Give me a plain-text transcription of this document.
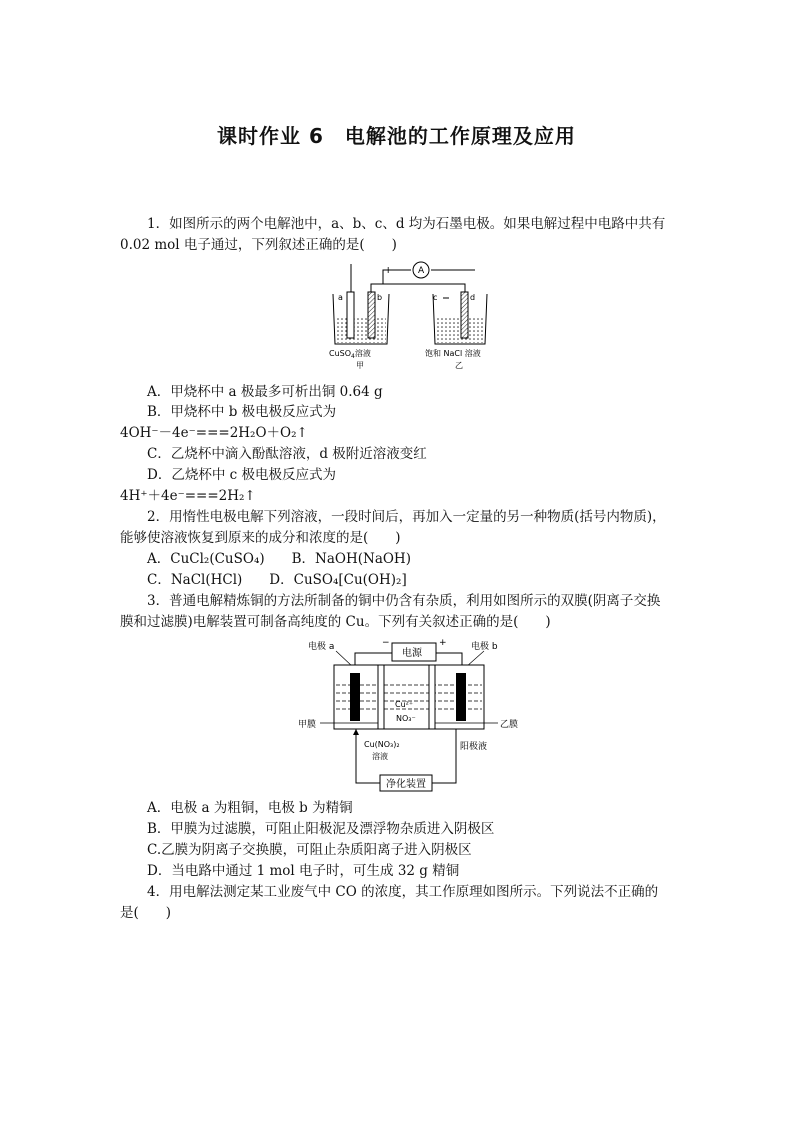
课时作业 6　电解池的工作原理及应用
1．如图所示的两个电解池中，a、b、c、d 均为石墨电极。如果电解过程中电路中共有
0.02 mol 电子通过，下列叙述正确的是(　　)
I	A
a	b
CuSO$_4$溶液
甲
c	d
饱和 NaCl 溶液
乙
A．甲烧杯中 a 极最多可析出铜 0.64 g
B．甲烧杯中 b 极电极反应式为
4OH⁻－4e⁻===2H₂O＋O₂↑
C．乙烧杯中滴入酚酞溶液，d 极附近溶液变红
D．乙烧杯中 c 极电极反应式为
4H⁺＋4e⁻===2H₂↑
2．用惰性电极电解下列溶液，一段时间后，再加入一定量的另一种物质(括号内物质)，
能够使溶液恢复到原来的成分和浓度的是(　　)
A．CuCl₂(CuSO₄)　　B．NaOH(NaOH)
C．NaCl(HCl)　　D．CuSO₄[Cu(OH)₂]
3．普通电解精炼铜的方法所制备的铜中仍含有杂质，利用如图所示的双膜(阴离子交换
膜和过滤膜)电解装置可制备高纯度的 Cu。下列有关叙述正确的是(　　)
电源
−	+
电极 a	电极 b
Cu²⁺
NO₃⁻
甲膜	乙膜
净化装置
Cu(NO₃)₂
溶液
阳极液
A．电极 a 为粗铜，电极 b 为精铜
B．甲膜为过滤膜，可阻止阳极泥及漂浮物杂质进入阴极区
C.乙膜为阴离子交换膜，可阻止杂质阳离子进入阴极区
D．当电路中通过 1 mol 电子时，可生成 32 g 精铜
4．用电解法测定某工业废气中 CO 的浓度，其工作原理如图所示。下列说法不正确的
是(　　)
